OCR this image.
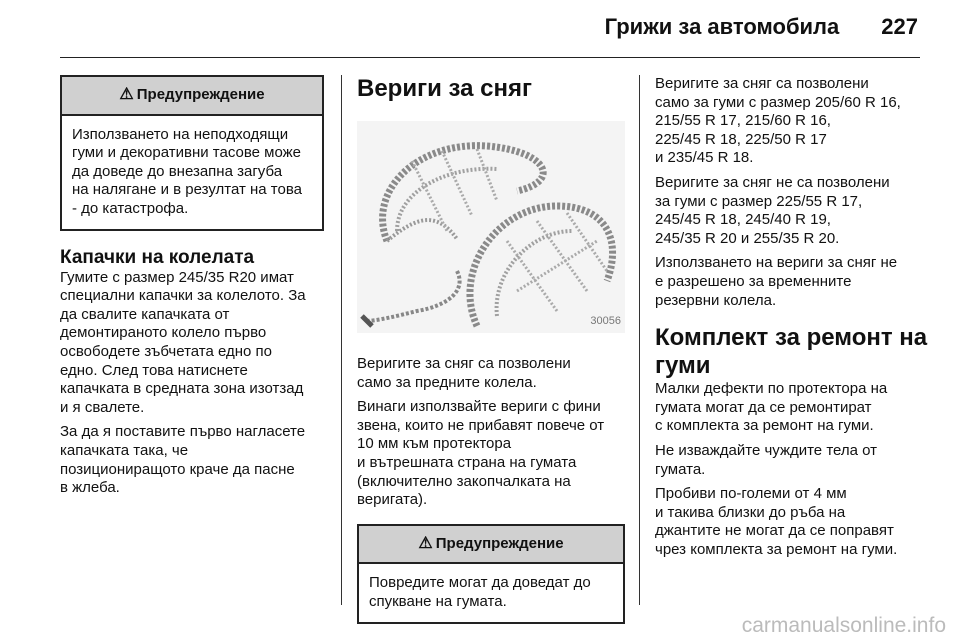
Грижи за автомобила 227
⚠ Предупреждение
Използването на неподходящи
гуми и декоративни тасове може
да доведе до внезапна загуба
на налягане и в резултат на това
- до катастрофа.
Капачки на колелата

Гумите с размер 245/35 R20 имат
специални капачки за колелото. За
да свалите капачката от
демонтираното колело първо
освободете зъбчетата едно по
едно. След това натиснете
капачката в средната зона изотзад
и я свалете.

За да я поставите първо нагласете
капачката така, че
позициониращото краче да пасне
в жлеба.

Вериги за сняг
30056

Веригите за сняг са позволени
само за предните колела.

Винаги използвайте вериги с фини
звена, които не прибавят повече от
10 мм към протектора
и вътрешната страна на гумата
(включително закопчалката на
веригата).

⚠ Предупреждение
Повредите могат да доведат до
спукване на гумата.

Веригите за сняг са позволени
само за гуми с размер 205/60 R 16,
215/55 R 17, 215/60 R 16,
225/45 R 18, 225/50 R 17
и 235/45 R 18.

Веригите за сняг не са позволени
за гуми с размер 225/55 R 17,
245/45 R 18, 245/40 R 19,
245/35 R 20 и 255/35 R 20.

Използването на вериги за сняг не
е разрешено за временните
резервни колела.

Комплект за ремонт на
гуми

Малки дефекти по протектора на
гумата могат да се ремонтират
с комплекта за ремонт на гуми.

Не изваждайте чуждите тела от
гумата.

Пробиви по-големи от 4 мм
и такива близки до ръба на
джантите не могат да се поправят
чрез комплекта за ремонт на гуми.

carmanualsonline.info
